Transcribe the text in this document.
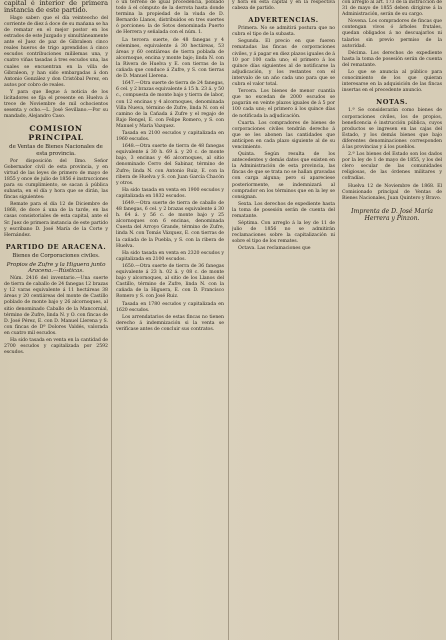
capital é interior de primera instancia de este partido.

Hago saber: que el día veinteocho del corriente de diez á doce de su mañana se ha de rematar en el mejor postor en los estrados de este Juzgado y simultáneamente ante el Juez de paz de Gibraleon cinco reales hueros de trigo aprendidos á cinco escudos contribuciones mililemas una, y cuatro viñas tasadas á tres escudos una, las cuales se encuentran en la villa de Gibraleon, y han sido embargadas á don Antonio González y don Cristóbal Perez, en autos por cobro de reales.

Y para que llegue á noticia de los licitadores se fija el presente en Huelva á trece de Noviembre de mil ochocientos sesenta y ocho.—L. José Sevillano.—Por su mandado, Alejandro Caso.

COMISION PRINCIPAL
de Ventas de Bienes Nacionales de esta provincia.

Por disposición del Ilmo. Señor Gobernador civil de esta provincia, y en virtud de las leyes de primero de mayo de 1855 y once de julio de 1856 é instrucciones para su cumplimiento, se sacan á pública subasta, en el día y hora que se dirán, las fincas siguientes:

Remate para el día 12 de Diciembre de 1868, de doce á una de la tarde, en las casas consistoriales de esta capital, ante el Sr. Juez de primera instancia de este partido y escribano D. José María de la Corte y Hernández.

PARTIDO DE ARACENA.
Bienes de Corporaciones civiles.
Propios de Zufre y la Higuera junto Aracena.—Rústicas.

Núm. 2416 del inventario.—Una suerte de tierra de caballo de 24 fanegas 12 brazas y 12 varas equivalente á 11 hectáreas 38 áreas y 20 centiáreas del monte de Castillo poblado de monte bajo y 26 alcornoques, al sitio denominado Caballo de la Mancornial, término de Zufre, linda N. y O. con fincas de D. José Pérez, E. con D. Manuel Llerena y S. con fincas de Dª Dolores Valdés, valorada en cuatro mil escudos.

Ha sido tasada en venta en la cantidad de 2700 escudos y capitalizada por 2592 escudos.

ó un terreno de igual procedencia, poblado todo á el cómputo de la derrota hasta donde termina la propiedad de la viuda de D. Bernardo Llanos, distribuidos en tres suertes ó porciones: la de Sotos denominada Puerto de Herrera y señalada con el núm. 1.

La tercera suerte, de 48 fanegas y 4 celemines, equivalente á 30 hectáreas, 53 áreas y 60 centiáreas de tierra poblada de alcornoque, encina y monte bajo; linda N. con la Rivera de Huelva y E. con tierras de la cañada que conduce á Zufre, y S. con tierras de D. Manuel Llerena.

1647.—Otra suerte de tierra de 24 fanegas, 6 cel. y 2 brazas equivalente á 15 h. 23 á. y 50 c., compuesta de monte bajo y tierra de labor, con 12 encinas y 4 alcornoques, denominada Villa Nueva, término de Zufre, linda N. con el camino de la Cañada á Zufre y el regajo de Rajo Rengel, E. con Felipe Romero, y S. con Manuel y María Vazquez.

Tasada en 2100 escudos y capitalizada en 1960 escudos.

1648.—Otra suerte de tierra de 48 fanegas equivalente á 30 h. 69 á. y 20 c. de monte bajo, 3 encinas y 46 alcornoques, al sitio denominado Cerro del Sabinar, término de Zufre; linda N. con Antonio Ruiz, E. con la ribera de Huelva y S. con Juan García Chacón y otros.

Ha sido tasada en venta en 1900 escudos y capitalizada en 1832 escudos.

1649.—Otra suerte de tierra de caballo de 48 fanegas, 6 cel. y 2 brazas equivalente á 30 h. 64 á. y 56 c. de monte bajo y 25 alcornoques con 6 encinas, denominada Cuesta del Arroyo Grande, término de Zufre, linda N. con Tomás Vázquez, E. con tierras de la cañada de la Puebla, y S. con la ribera de Huelva.

Ha sido tasada en venta en 2320 escudos y capitalizada en 2100 escudos.

1650.—Otra suerte de tierra de 36 fanegas equivalente á 23 h. 02 á. y 08 c. de monte bajo y alcornoques, al sitio de los Llanos del Castillo, término de Zufre, linda N. con la cañada de la Higuera, E. con D. Francisco Romero y S. con José Ruiz.

Tasada en 1780 escudos y capitalizada en 1620 escudos.

Los arrendatarios de estas fincas no tienen derecho á indemnización si la venta se verificase antes de concluir sus contratos.

y hora en esta capital y en la respectiva cabeza de partido.

ADVERTENCIAS.

Primera. No se admitirá postura que no cubra el tipo de la subasta.

Segunda. El precio en que fueren rematadas las fincas de corporaciones civiles, y á pagar en diez plazos iguales de á 10 por 100 cada uno; el primero á los quince días siguientes al de notificarse la adjudicación, y los restantes con el intervalo de un año cada uno para que se cubra el valor total.

Tercera. Los bienes de menor cuantía que no excedan de 2000 escudos se pagarán en veinte plazos iguales de á 5 por 100 cada uno; el primero á los quince días de notificada la adjudicación.

Cuarta. Los compradores de bienes de corporaciones civiles tendrán derecho á que se les abonen las cantidades que anticipen en cada plazo siguiente al de su vencimiento.

Quinta. Según resulta de los antecedentes y demás datos que existen en la Administración de esta provincia, las fincas de que se trata no se hallan gravadas con carga alguna; pero si apareciese posteriormente, se indemnizará al comprador en los términos que en la ley se consignan.

Sexta. Los derechos de expediente hasta la toma de posesión serán de cuenta del rematante.

Séptima. Con arreglo á la ley de 11 de julio de 1856 no se admitirán reclamaciones sobre la capitalización ni sobre el tipo de los remates.

Octava. Las reclamaciones que

con arreglo al art. 173 de la instrucción de 31 de mayo de 1855 deben dirigirse á la Administración, serán de su cargo.

Novena. Los compradores de fincas que contengan vivos ó árboles frutales, quedan obligados á no descuajarlos ni talarlos sin previo permiso de la autoridad.

Décima. Los derechos de expediente hasta la toma de posesión serán de cuenta del rematante.

Lo que se anuncia al público para conocimiento de los que quieran interesarse en la adquisición de las fincas insertas en el precedente anuncio.

NOTAS.

1.ª Se considerarán como bienes de corporaciones civiles, los de propios, beneficencia é instrucción pública, cuyos productos se ingresen en las cajas del Estado, y los demás bienes que bajo diferentes denominaciones corresponden á las provincias y á los pueblos.

2.ª Los bienes del Estado son los dados por la ley de 1 de mayo de 1855, y los del clero secular de las comunidades religiosas, de las órdenes militares y cofradías.

Huelva 12 de Noviembre de 1868. El Comisionado principal de Ventas de Bienes Nacionales, Juan Quintero y Bravo.

Imprenta de D. José María Herrera y Pinzon.
